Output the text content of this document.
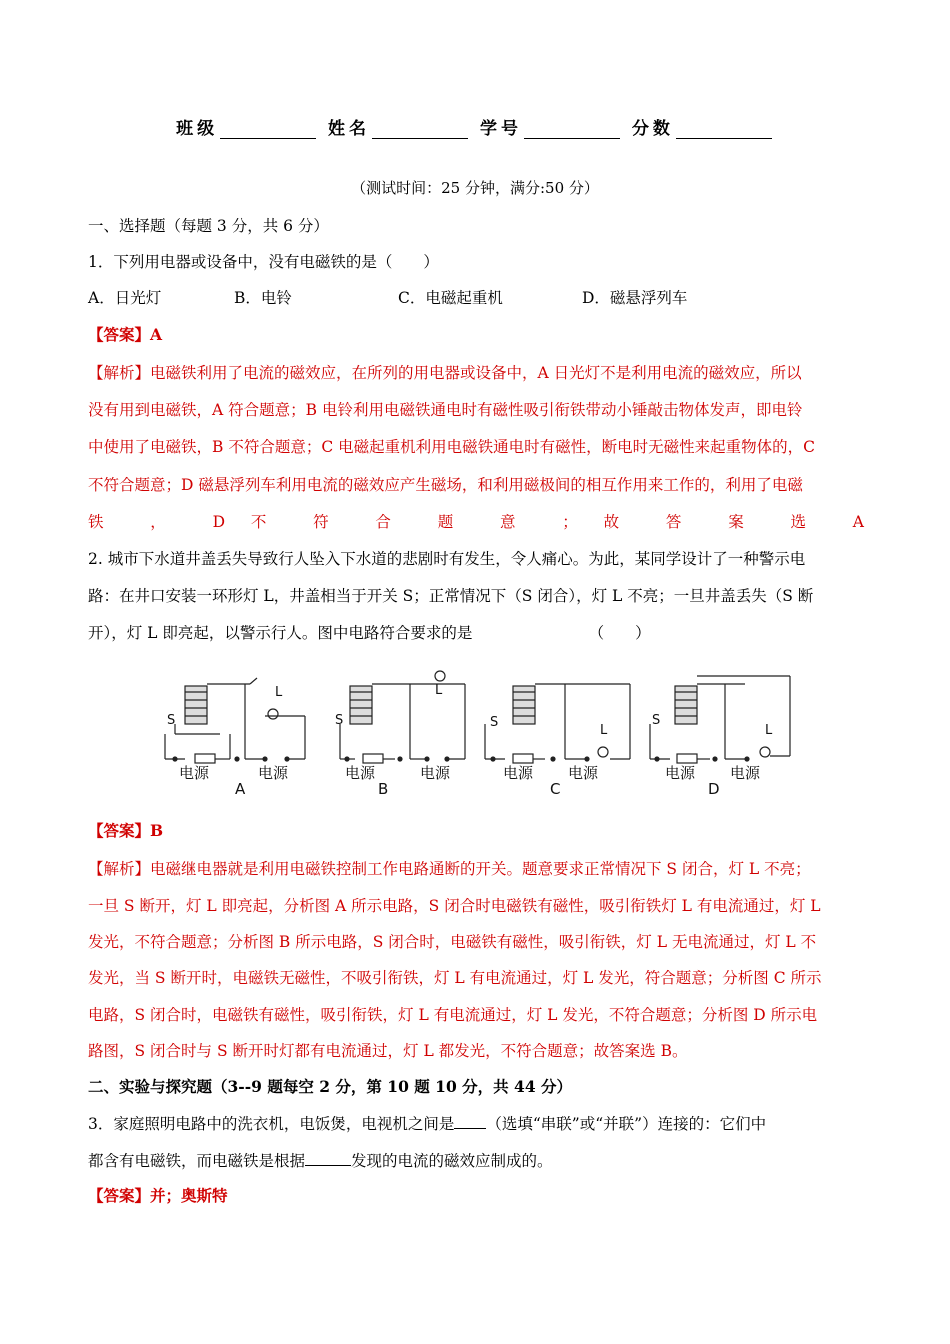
班级	姓名	学号	分数
（测试时间：25 分钟，满分:50 分）
一、选择题（每题 3 分，共 6 分）
1．下列用电器或设备中，没有电磁铁的是（　　）
A．日光灯	B．电铃	C．电磁起重机	D．磁悬浮列车
【答案】A
【解析】电磁铁利用了电流的磁效应，在所列的用电器或设备中，A 日光灯不是利用电流的磁效应，所以
没有用到电磁铁，A 符合题意；B 电铃利用电磁铁通电时有磁性吸引衔铁带动小锤敲击物体发声，即电铃
中使用了电磁铁，B 不符合题意；C 电磁起重机利用电磁铁通电时有磁性，断电时无磁性来起重物体的，C
不符合题意；D 磁悬浮列车利用电流的磁效应产生磁场，和利用磁极间的相互作用来工作的，利用了电磁
铁 ， D 不 符 合 题 意 ； 故 答 案 选 A
2. 城市下水道井盖丢失导致行人坠入下水道的悲剧时有发生，令人痛心。为此，某同学设计了一种警示电
路：在井口安装一环形灯 L，井盖相当于开关 S；正常情况下（S 闭合），灯 L 不亮；一旦井盖丢失（S 断
开），灯 L 即亮起，以警示行人。图中电路符合要求的是　　　　　　　　（　　）
S
L
S
L
S
L
S
L
电源	电源	电源	电源	电源 电源	电源 电源
A	B	C	D
【答案】B
【解析】电磁继电器就是利用电磁铁控制工作电路通断的开关。题意要求正常情况下 S 闭合，灯 L 不亮；
一旦 S 断开，灯 L 即亮起，分析图 A 所示电路，S 闭合时电磁铁有磁性，吸引衔铁灯 L 有电流通过，灯 L
发光，不符合题意；分析图 B 所示电路，S 闭合时，电磁铁有磁性，吸引衔铁，灯 L 无电流通过，灯 L 不
发光，当 S 断开时，电磁铁无磁性，不吸引衔铁，灯 L 有电流通过，灯 L 发光，符合题意；分析图 C 所示
电路，S 闭合时，电磁铁有磁性，吸引衔铁，灯 L 有电流通过，灯 L 发光，不符合题意；分析图 D 所示电
路图，S 闭合时与 S 断开时灯都有电流通过，灯 L 都发光，不符合题意；故答案选 B。
二、实验与探究题（3--9 题每空 2 分，第 10 题 10 分，共 44 分）
3．家庭照明电路中的洗衣机，电饭煲，电视机之间是 （选填“串联”或“并联”）连接的：它们中
都含有电磁铁，而电磁铁是根据	发现的电流的磁效应制成的。
【答案】并；奥斯特
